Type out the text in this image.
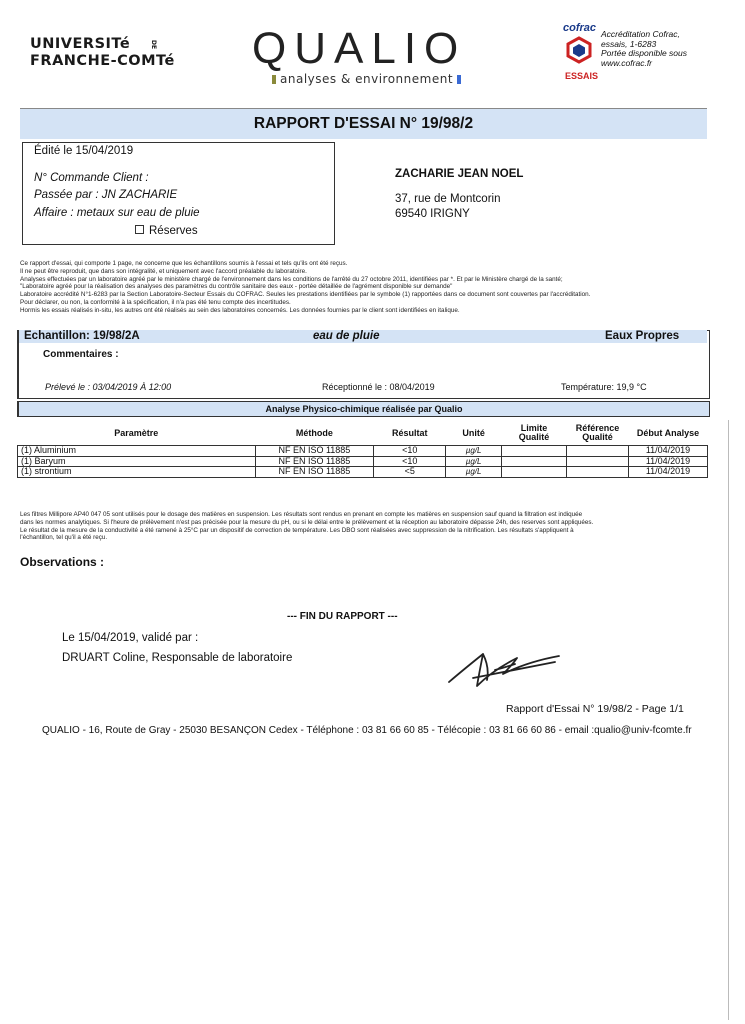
UNIVERSITé
FRANCHE-COMTé
DE QUALIO
analyses & environnement
cofrac
ESSAIS
Accréditation Cofrac,
essais, 1-6283
Portée disponible sous
www.cofrac.fr
RAPPORT D'ESSAI N° 19/98/2
Édité le 15/04/2019
N° Commande Client :
Passée par : JN ZACHARIE
Affaire : metaux sur eau de pluie
Réserves
ZACHARIE JEAN NOEL
37, rue de Montcorin
69540 IRIGNY
Ce rapport d'essai, qui comporte 1 page, ne concerne que les échantillons soumis à l'essai et tels qu'ils ont été reçus.
Il ne peut être reproduit, que dans son intégralité, et uniquement avec l'accord préalable du laboratoire.
Analyses effectuées par un laboratoire agréé par le ministère chargé de l'environnement dans les conditions de l'arrêté du 27 octobre 2011, identifiées par *. Et par le Ministère chargé de la santé;
"Laboratoire agréé pour la réalisation des analyses des paramètres du contrôle sanitaire des eaux - portée détaillée de l'agrément disponible sur demande"
Laboratoire accrédité N°1-6283 par la Section Laboratoire-Secteur Essais du COFRAC. Seules les prestations identifiées par le symbole (1) rapportées dans ce document sont couvertes par l'accréditation.
Pour déclarer, ou non, la conformité à la spécification, il n'a pas été tenu compte des incertitudes.
Hormis les essais réalisés in-situ, les autres ont été réalisés au sein des laboratoires concernés. Les données fournies par le client sont identifiées en italique.
Echantillon: 19/98/2A	eau de pluie	Eaux Propres
Commentaires :
Prélevé le : 03/04/2019 À 12:00	Réceptionné le : 08/04/2019	Température: 19,9 °C
Analyse Physico-chimique réalisée par Qualio
Paramètre	Méthode	Résultat	Unité	Limite Qualité	Référence Qualité	Début Analyse
(1) Aluminium	NF EN ISO 11885	<10	µg/L			11/04/2019
(1) Baryum	NF EN ISO 11885	<10	µg/L			11/04/2019
(1) strontium	NF EN ISO 11885	<5	µg/L			11/04/2019
Les filtres Millipore AP40 047 05 sont utilisés pour le dosage des matières en suspension. Les résultats sont rendus en prenant en compte les matières en suspension sauf quand la filtration est indiquée
dans les normes analytiques. Si l'heure de prélèvement n'est pas précisée pour la mesure du pH, ou si le délai entre le prélèvement et la réception au laboratoire dépasse 24h, des reserves sont appliquées.
Le résultat de la mesure de la conductivité a été ramené à 25°C par un dispositif de correction de température. Les DBO sont réalisées avec suppression de la nitrification. Les résultats s'appliquent à
l'échantillon, tel qu'il a été reçu.
Observations :
--- FIN DU RAPPORT ---
Le 15/04/2019, validé par :
DRUART Coline, Responsable de laboratoire
Rapport d'Essai N° 19/98/2 - Page 1/1
QUALIO - 16, Route de Gray - 25030 BESANÇON Cedex - Téléphone : 03 81 66 60 85 - Télécopie : 03 81 66 60 86 - email :qualio@univ-fcomte.fr
